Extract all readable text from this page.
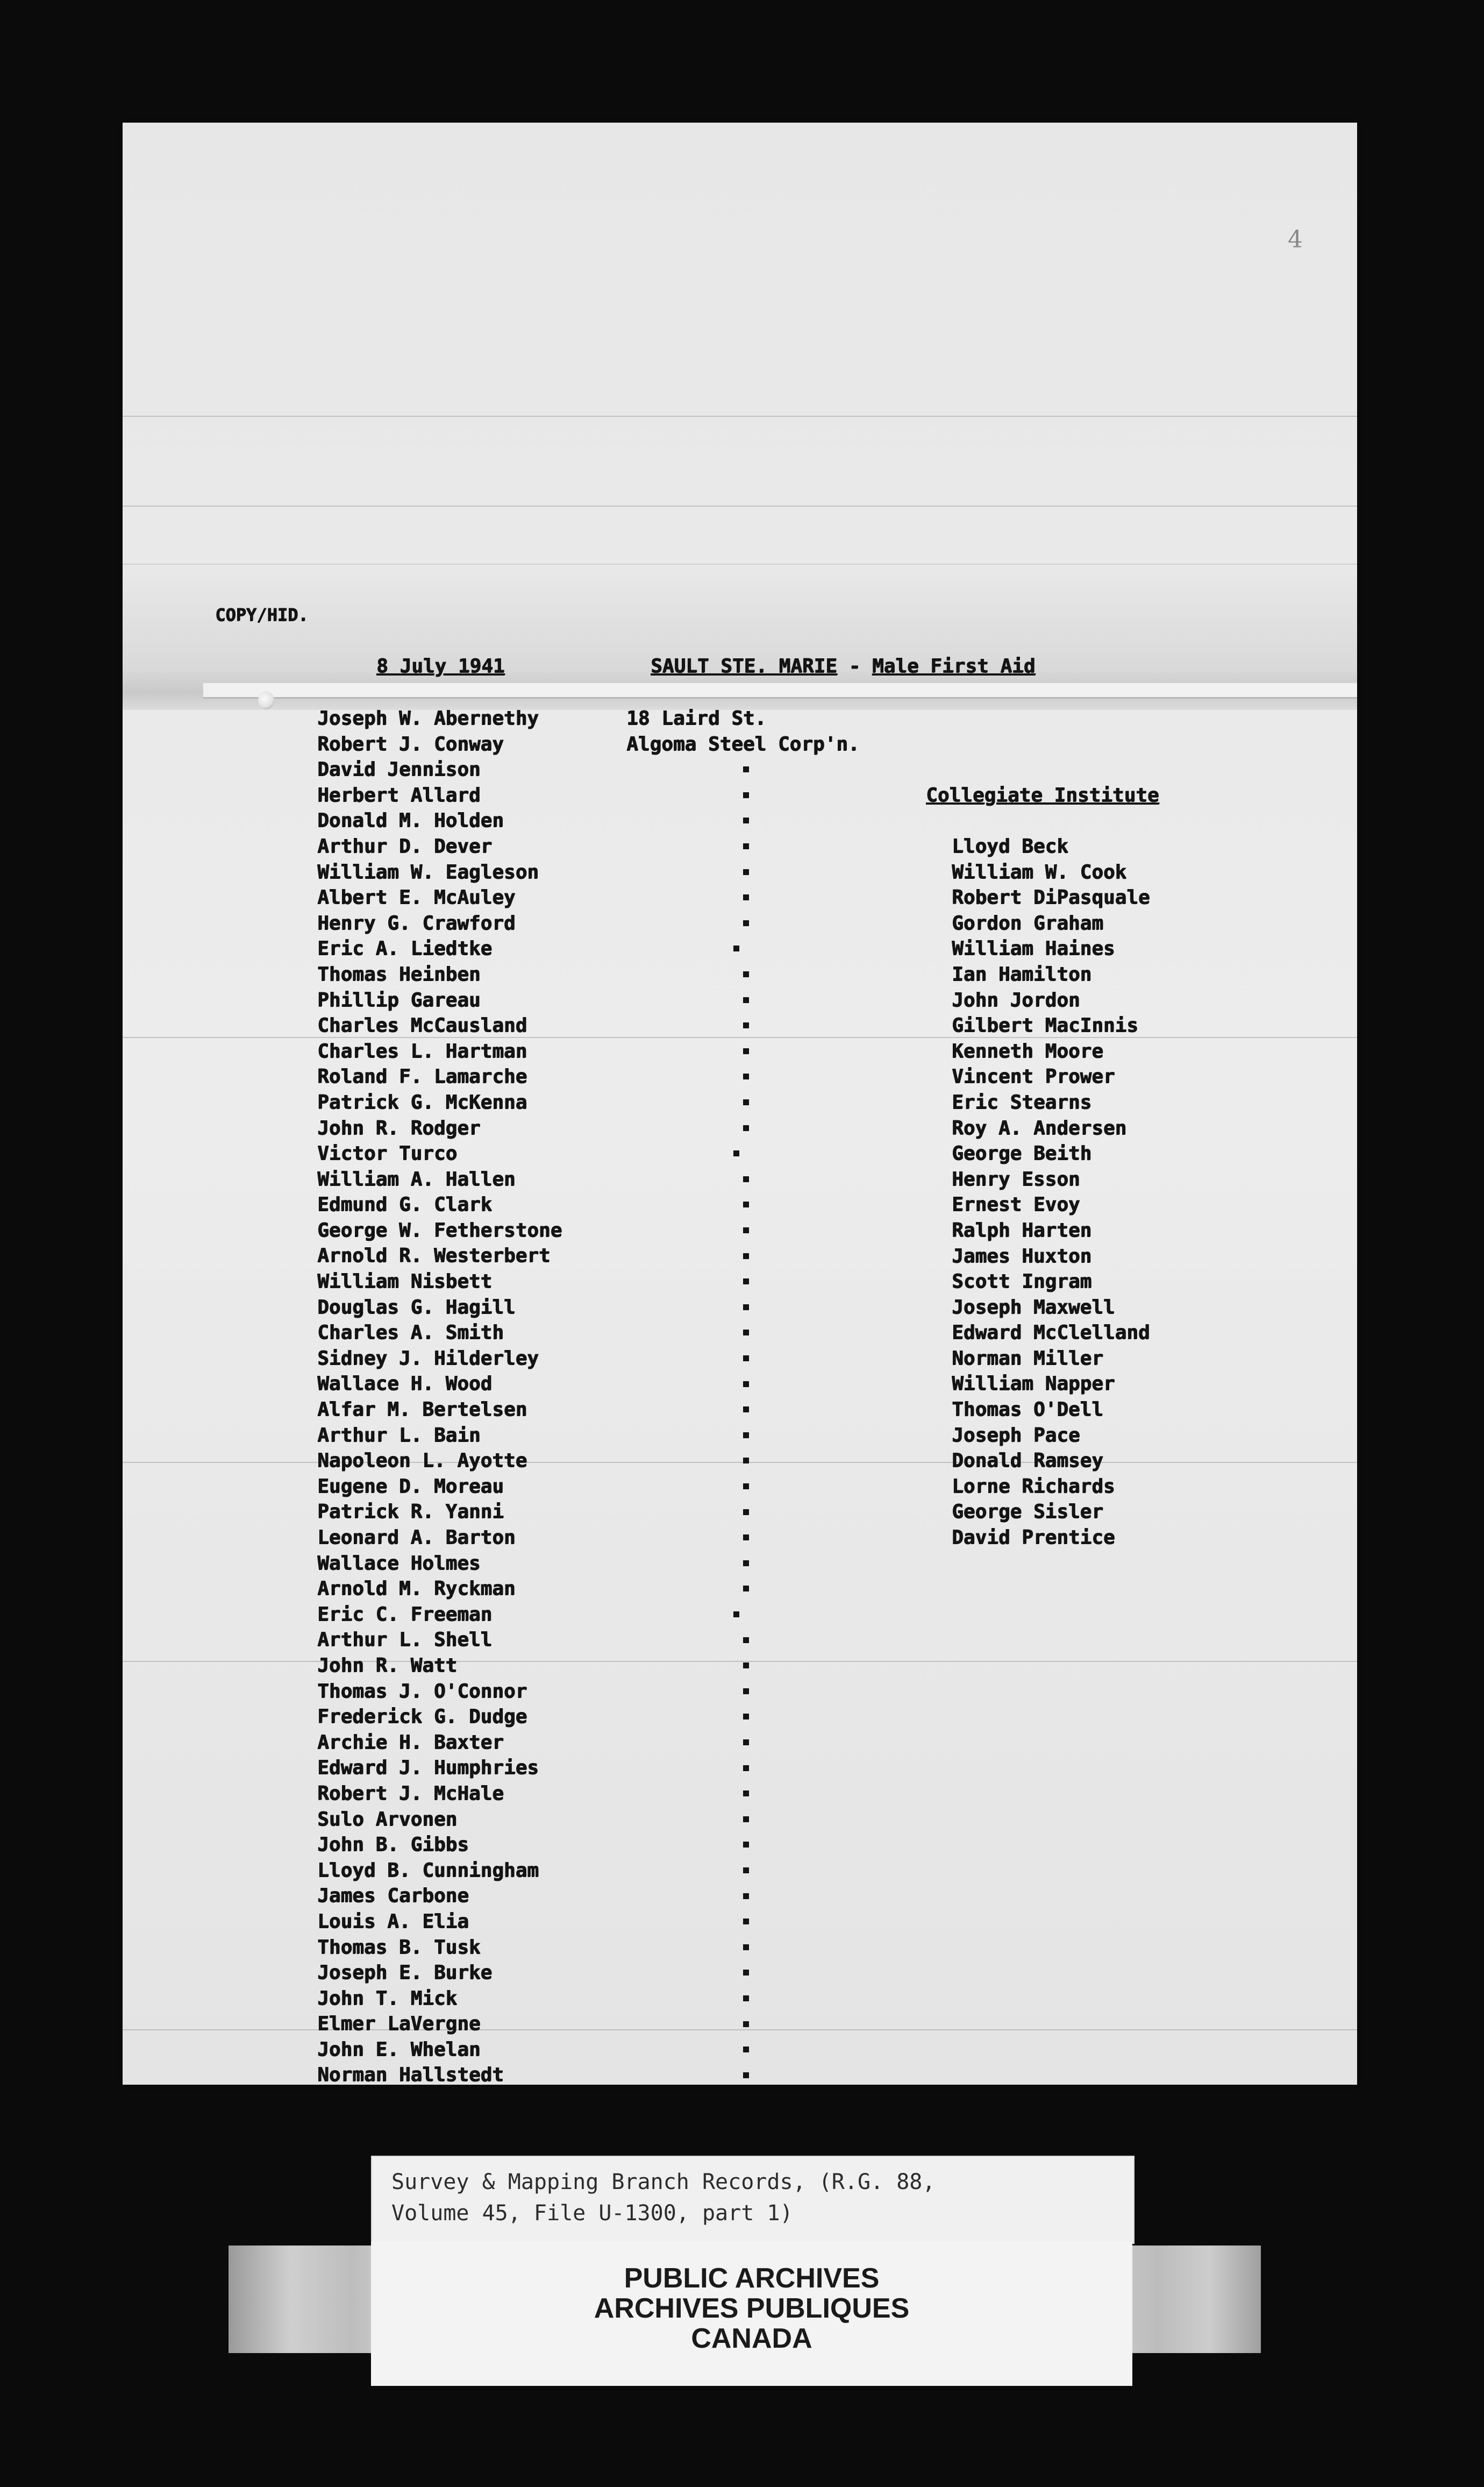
4

COPY/HID.

8 July 1941	SAULT STE. MARIE - Male First Aid

Joseph W. Abernethy
Robert J. Conway
David Jennison
Herbert Allard
Donald M. Holden
Arthur D. Dever
William W. Eagleson
Albert E. McAuley
Henry G. Crawford
Eric A. Liedtke
Thomas Heinben
Phillip Gareau
Charles McCausland
Charles L. Hartman
Roland F. Lamarche
Patrick G. McKenna
John R. Rodger
Victor Turco
William A. Hallen
Edmund G. Clark
George W. Fetherstone
Arnold R. Westerbert
William Nisbett
Douglas G. Hagill
Charles A. Smith
Sidney J. Hilderley
Wallace H. Wood
Alfar M. Bertelsen
Arthur L. Bain
Napoleon L. Ayotte
Eugene D. Moreau
Patrick R. Yanni
Leonard A. Barton
Wallace Holmes
Arnold M. Ryckman
Eric C. Freeman
Arthur L. Shell
John R. Watt
Thomas J. O'Connor
Frederick G. Dudge
Archie H. Baxter
Edward J. Humphries
Robert J. McHale
Sulo Arvonen
John B. Gibbs
Lloyd B. Cunningham
James Carbone
Louis A. Elia
Thomas B. Tusk
Joseph E. Burke
John T. Mick
Elmer LaVergne
John E. Whelan
Norman Hallstedt
18 Laird St.
Algoma Steel Corp'n.

Collegiate Institute

Lloyd Beck
William W. Cook
Robert DiPasquale
Gordon Graham
William Haines
Ian Hamilton
John Jordon
Gilbert MacInnis
Kenneth Moore
Vincent Prower
Eric Stearns
Roy A. Andersen
George Beith
Henry Esson
Ernest Evoy
Ralph Harten
James Huxton
Scott Ingram
Joseph Maxwell
Edward McClelland
Norman Miller
William Napper
Thomas O'Dell
Joseph Pace
Donald Ramsey
Lorne Richards
George Sisler
David Prentice

Survey & Mapping Branch Records, (R.G. 88,
Volume 45, File U-1300, part 1)

PUBLIC ARCHIVES
ARCHIVES PUBLIQUES
CANADA
